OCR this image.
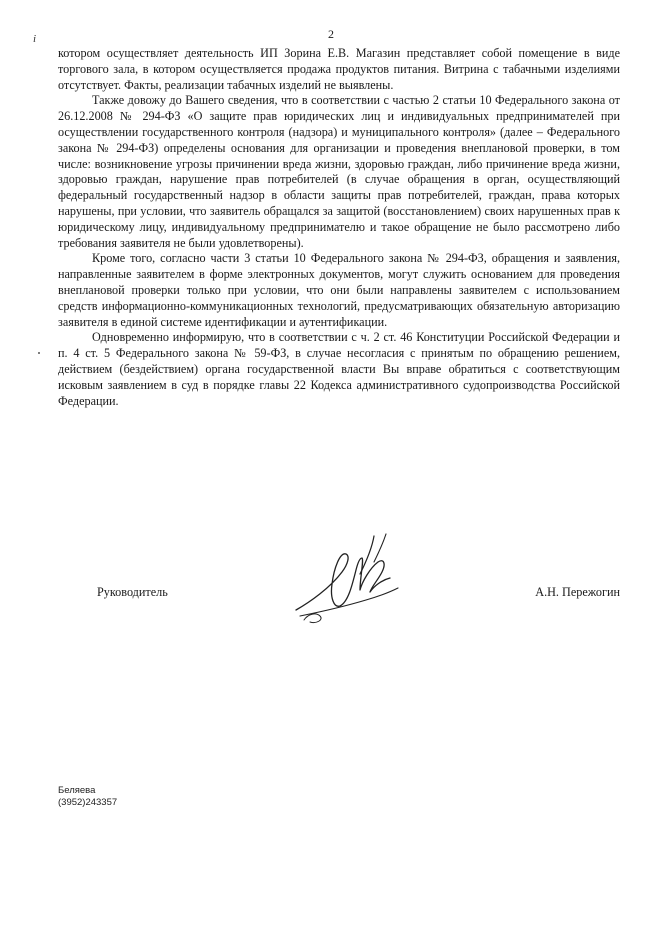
2
i

котором осуществляет деятельность ИП Зорина Е.В. Магазин представляет собой помещение в виде торгового зала, в котором осуществляется продажа продуктов питания. Витрина с табачными изделиями отсутствует. Факты, реализации табачных изделий не выявлены.

Также довожу до Вашего сведения, что в соответствии с частью 2 статьи 10 Федерального закона от 26.12.2008 № 294-ФЗ «О защите прав юридических лиц и индивидуальных предпринимателей при осуществлении государственного контроля (надзора) и муниципального контроля» (далее – Федерального закона № 294-ФЗ) определены основания для организации и проведения внеплановой проверки, в том числе: возникновение угрозы причинении вреда жизни, здоровью граждан, либо причинение вреда жизни, здоровью граждан, нарушение прав потребителей (в случае обращения в орган, осуществляющий федеральный государственный надзор в области защиты прав потребителей, граждан, права которых нарушены, при условии, что заявитель обращался за защитой (восстановлением) своих нарушенных прав к юридическому лицу, индивидуальному предпринимателю и такое обращение не было рассмотрено либо требования заявителя не были удовлетворены).

Кроме того, согласно части 3 статьи 10 Федерального закона № 294-ФЗ, обращения и заявления, направленные заявителем в форме электронных документов, могут служить основанием для проведения внеплановой проверки только при условии, что они были направлены заявителем с использованием средств информационно-коммуникационных технологий, предусматривающих обязательную авторизацию заявителя в единой системе идентификации и аутентификации.

Одновременно информирую, что в соответствии с ч. 2 ст. 46 Конституции Российской Федерации и п. 4 ст. 5 Федерального закона № 59-ФЗ, в случае несогласия с принятым по обращению решением, действием (бездействием) органа государственной власти Вы вправе обратиться с соответствующим исковым заявлением в суд в порядке главы 22 Кодекса административного судопроизводства Российской Федерации.

Руководитель	А.Н. Пережогин
Беляева
(3952)243357
